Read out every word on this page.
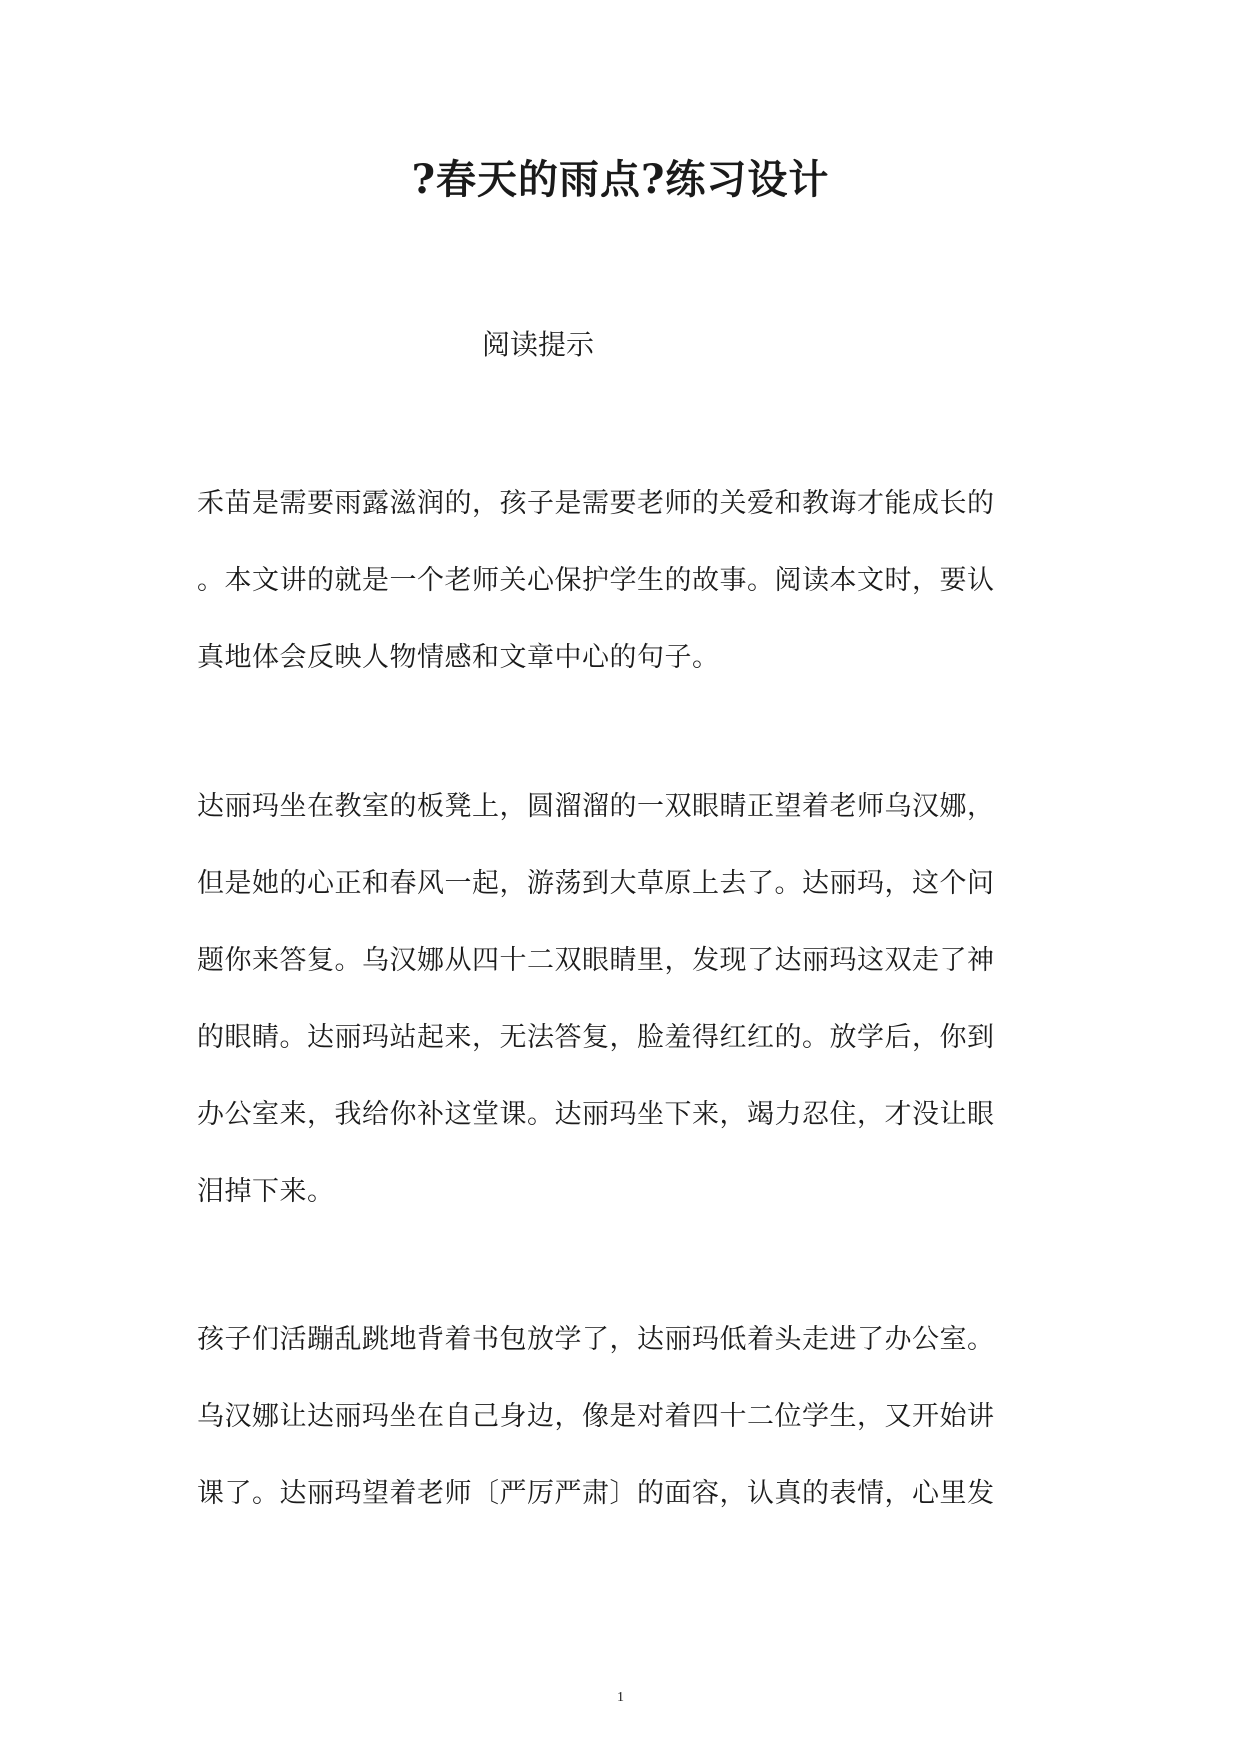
?春天的雨点?练习设计
阅读提示
禾苗是需要雨露滋润的，孩子是需要老师的关爱和教诲才能成长的
。本文讲的就是一个老师关心保护学生的故事。阅读本文时，要认
真地体会反映人物情感和文章中心的句子。
达丽玛坐在教室的板凳上，圆溜溜的一双眼睛正望着老师乌汉娜，
但是她的心正和春风一起，游荡到大草原上去了。达丽玛，这个问
题你来答复。乌汉娜从四十二双眼睛里，发现了达丽玛这双走了神
的眼睛。达丽玛站起来，无法答复，脸羞得红红的。放学后，你到
办公室来，我给你补这堂课。达丽玛坐下来，竭力忍住，才没让眼
泪掉下来。
孩子们活蹦乱跳地背着书包放学了，达丽玛低着头走进了办公室。
乌汉娜让达丽玛坐在自己身边，像是对着四十二位学生，又开始讲
课了。达丽玛望着老师〔严厉严肃〕的面容，认真的表情，心里发
1
